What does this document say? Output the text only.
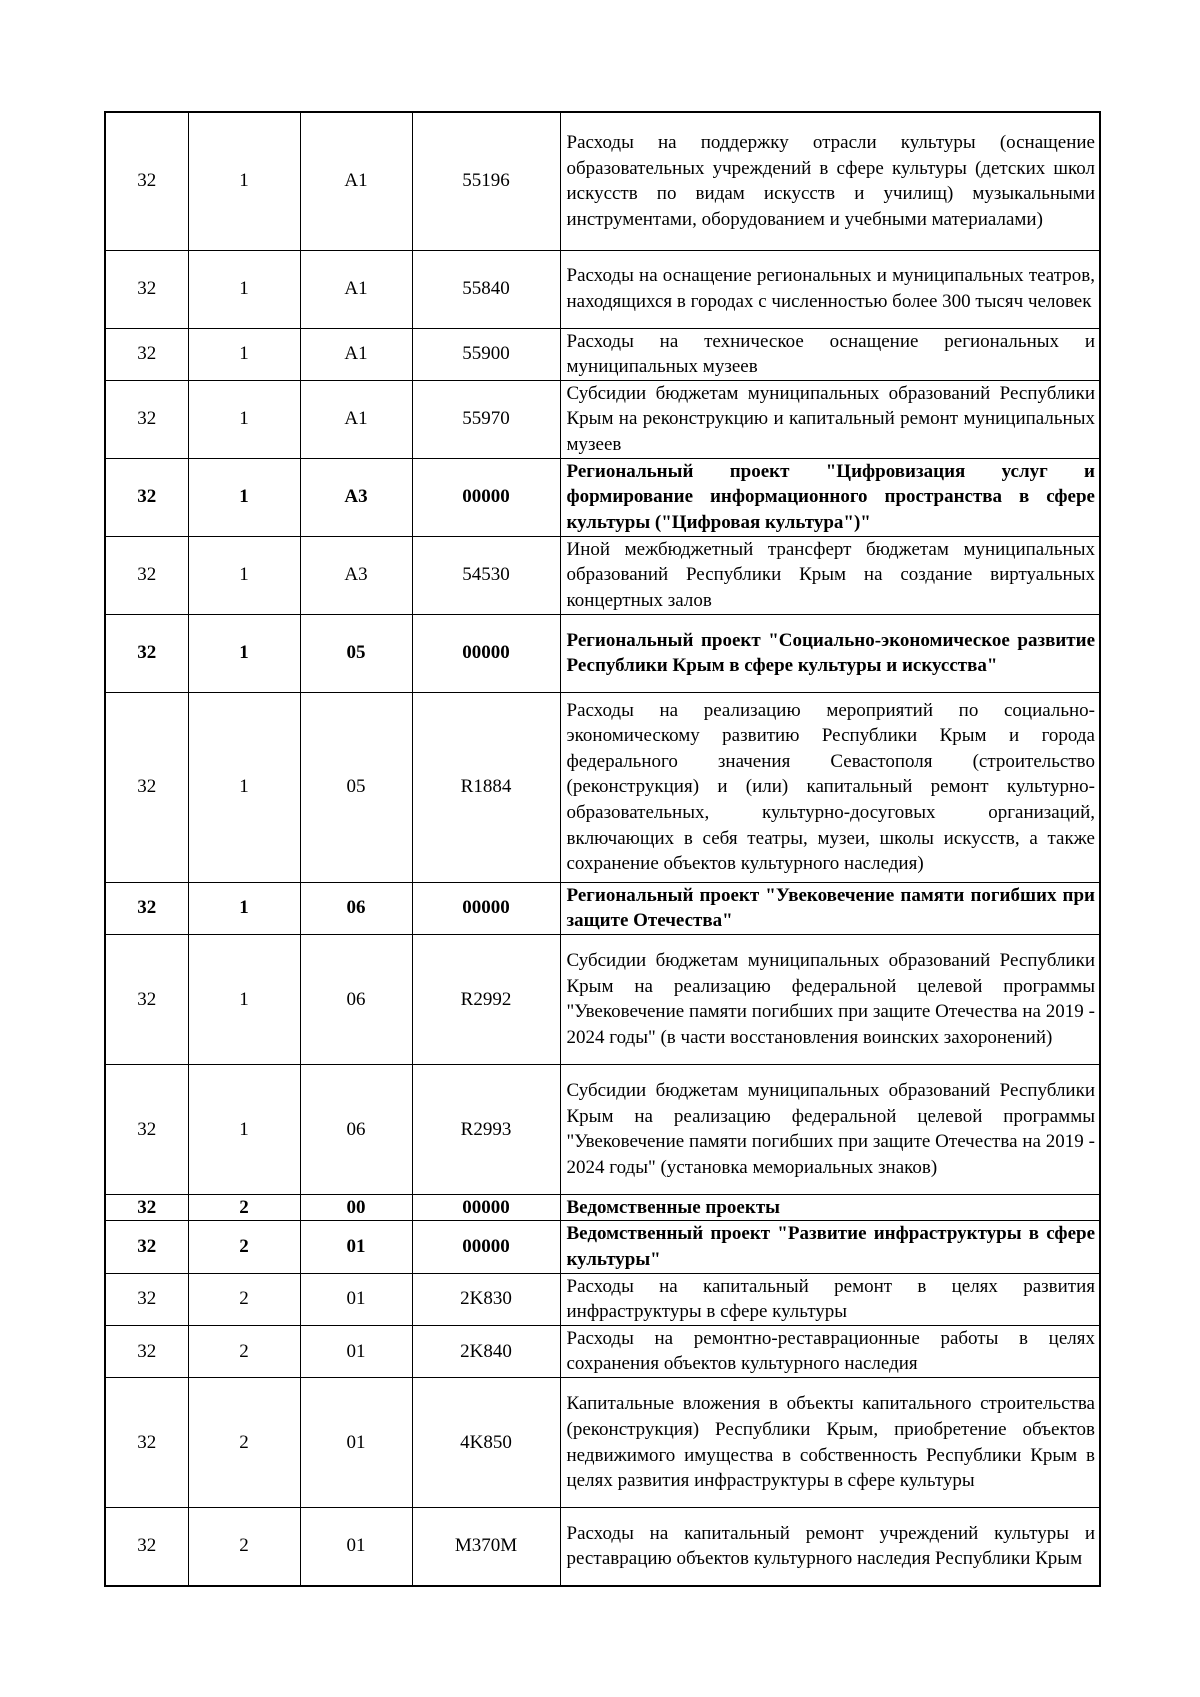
32	1	A1	55196	Расходы на поддержку отрасли культуры (оснащение образовательных учреждений в сфере культуры (детских школ искусств по видам искусств и училищ) музыкальными инструментами, оборудованием и учебными материалами)
32	1	A1	55840	Расходы на оснащение региональных и муниципальных театров, находящихся в городах с численностью более 300 тысяч человек
32	1	A1	55900	Расходы на техническое оснащение региональных и муниципальных музеев
32	1	A1	55970	Субсидии бюджетам муниципальных образований Республики Крым на реконструкцию и капитальный ремонт муниципальных музеев
32	1	А3	00000	Региональный проект "Цифровизация услуг и формирование информационного пространства в сфере культуры ("Цифровая культура")"
32	1	А3	54530	Иной межбюджетный трансферт бюджетам муниципальных образований Республики Крым на создание виртуальных концертных залов
32	1	05	00000	Региональный проект "Социально-экономическое развитие Республики Крым в сфере культуры и искусства"
32	1	05	R1884	Расходы на реализацию мероприятий по социально-экономическому развитию Республики Крым и города федерального значения Севастополя (строительство (реконструкция) и (или) капитальный ремонт культурно-образовательных, культурно-досуговых организаций, включающих в себя театры, музеи, школы искусств, а также сохранение объектов культурного наследия)
32	1	06	00000	Региональный проект "Увековечение памяти погибших при защите Отечества"
32	1	06	R2992	Субсидии бюджетам муниципальных образований Республики Крым на реализацию федеральной целевой программы "Увековечение памяти погибших при защите Отечества на 2019 - 2024 годы" (в части восстановления воинских захоронений)
32	1	06	R2993	Субсидии бюджетам муниципальных образований Республики Крым на реализацию федеральной целевой программы "Увековечение памяти погибших при защите Отечества на 2019 - 2024 годы" (установка мемориальных знаков)
32	2	00	00000	Ведомственные проекты
32	2	01	00000	Ведомственный проект "Развитие инфраструктуры в сфере культуры"
32	2	01	2K830	Расходы на капитальный ремонт в целях развития инфраструктуры в сфере культуры
32	2	01	2K840	Расходы на ремонтно-реставрационные работы в целях сохранения объектов культурного наследия
32	2	01	4K850	Капитальные вложения в объекты капитального строительства (реконструкция) Республики Крым, приобретение объектов недвижимого имущества в собственность Республики Крым в целях развития инфраструктуры в сфере культуры
32	2	01	M370M	Расходы на капитальный ремонт учреждений культуры и реставрацию объектов культурного наследия Республики Крым
